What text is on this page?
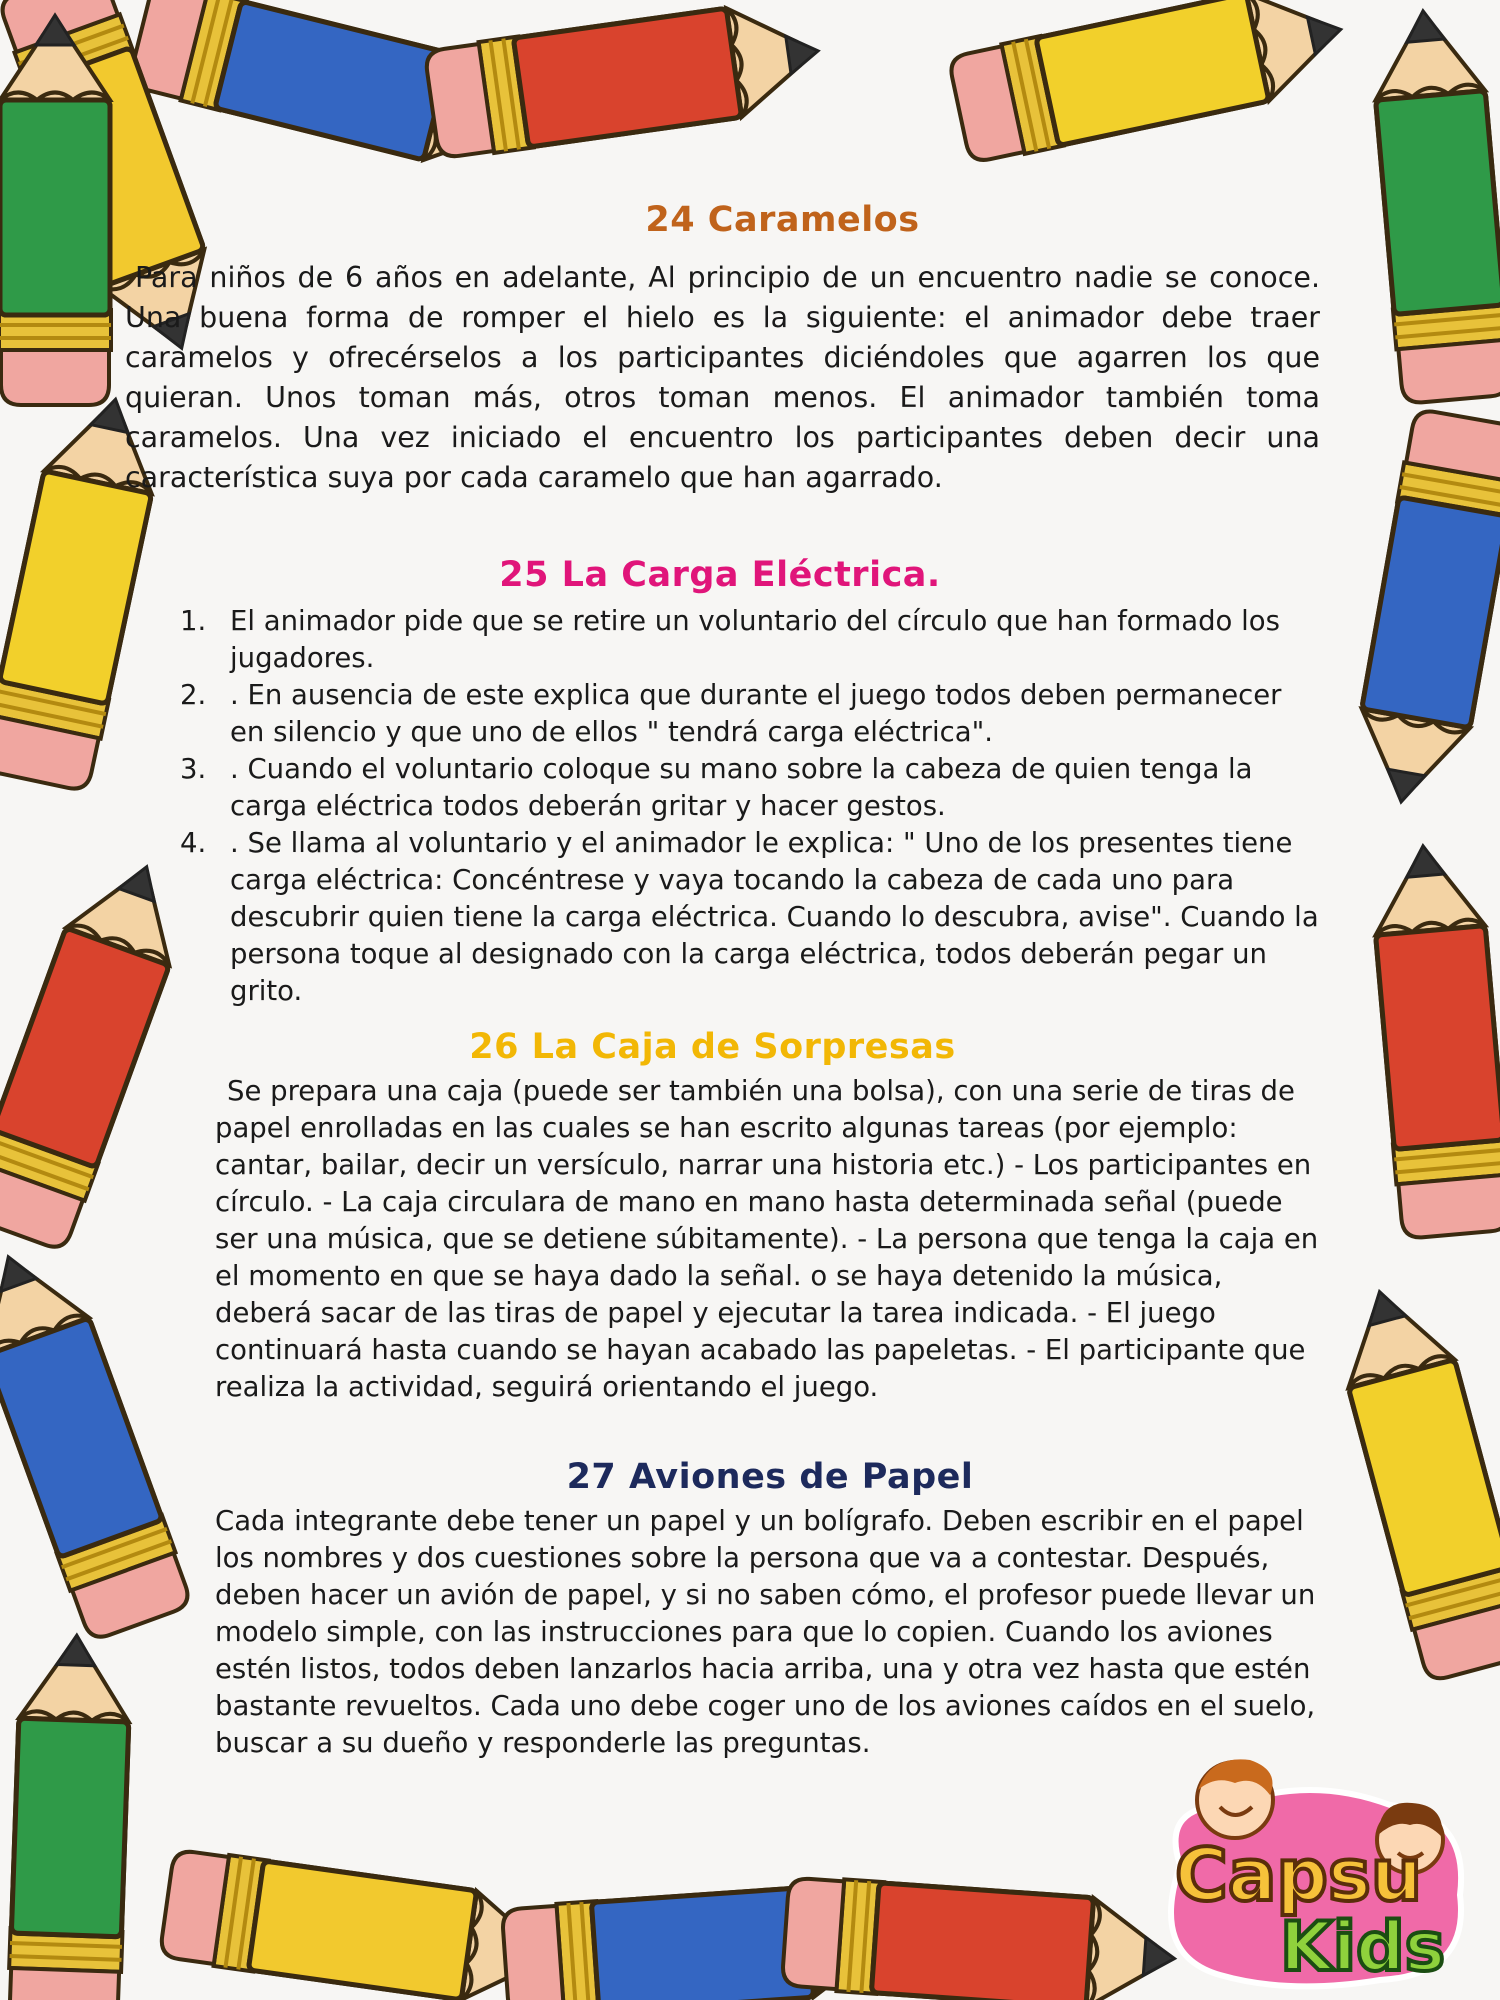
24 Caramelos

Para niños de 6 años en adelante, Al principio de un encuentro nadie se conoce. Una buena forma de romper el hielo es la siguiente: el animador debe traer caramelos y ofrecérselos a los participantes diciéndoles que agarren los que quieran. Unos toman más, otros toman menos. El animador también toma caramelos. Una vez iniciado el encuentro los participantes deben decir una característica suya por cada caramelo que han agarrado.

25 La Carga Eléctrica.
1. El animador pide que se retire un voluntario del círculo que han formado los jugadores.
2. . En ausencia de este explica que durante el juego todos deben permanecer en silencio y que uno de ellos " tendrá carga eléctrica".
3. . Cuando el voluntario coloque su mano sobre la cabeza de quien tenga la carga eléctrica todos deberán gritar y hacer gestos.
4. . Se llama al voluntario y el animador le explica: " Uno de los presentes tiene carga eléctrica: Concéntrese y vaya tocando la cabeza de cada uno para descubrir quien tiene la carga eléctrica. Cuando lo descubra, avise". Cuando la persona toque al designado con la carga eléctrica, todos deberán pegar un grito.
26 La Caja de Sorpresas

Se prepara una caja (puede ser también una bolsa), con una serie de tiras de papel enrolladas en las cuales se han escrito algunas tareas (por ejemplo: cantar, bailar, decir un versículo, narrar una historia etc.) - Los participantes en círculo. - La caja circulara de mano en mano hasta determinada señal (puede ser una música, que se detiene súbitamente). - La persona que tenga la caja en el momento en que se haya dado la señal. o se haya detenido la música, deberá sacar de las tiras de papel y ejecutar la tarea indicada. - El juego continuará hasta cuando se hayan acabado las papeletas. - El participante que realiza la actividad, seguirá orientando el juego.

27 Aviones de Papel

Cada integrante debe tener un papel y un bolígrafo. Deben escribir en el papel los nombres y dos cuestiones sobre la persona que va a contestar. Después, deben hacer un avión de papel, y si no saben cómo, el profesor puede llevar un modelo simple, con las instrucciones para que lo copien. Cuando los aviones estén listos, todos deben lanzarlos hacia arriba, una y otra vez hasta que estén bastante revueltos. Cada uno debe coger uno de los aviones caídos en el suelo, buscar a su dueño y responderle las preguntas.

Capsu
Kids
